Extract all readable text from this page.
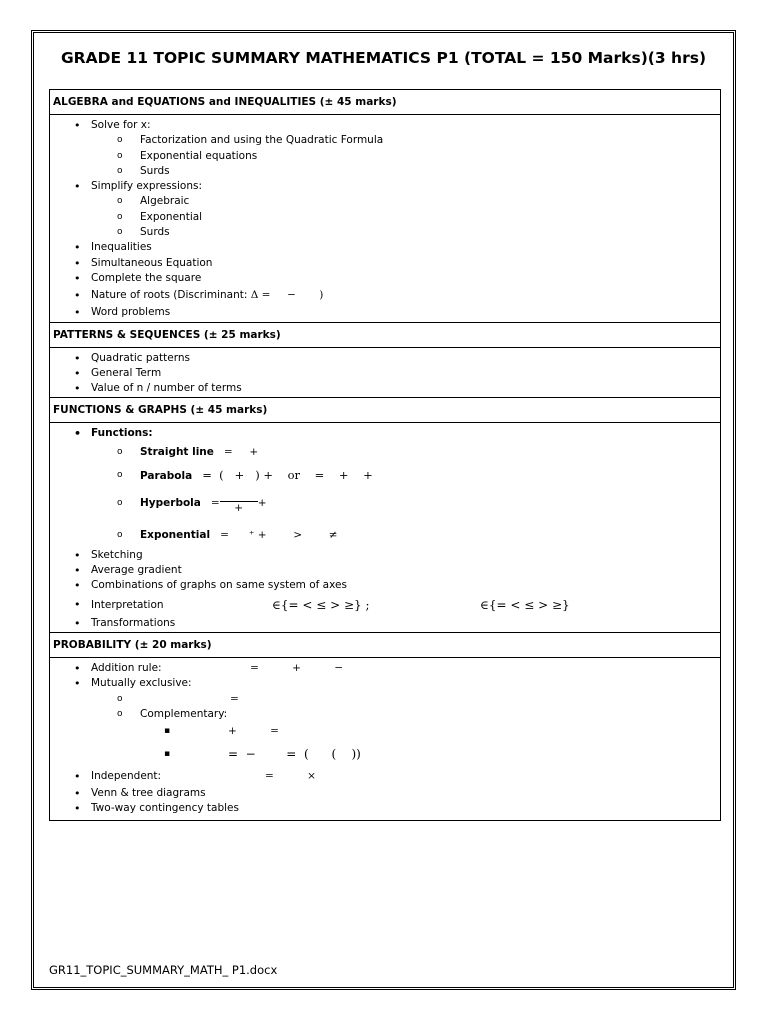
GRADE 11 TOPIC SUMMARY MATHEMATICS P1 (TOTAL = 150 Marks)(3 hrs)
ALGEBRA and EQUATIONS and INEQUALITIES (± 45 marks)

• Solve for x:
o Factorization and using the Quadratic Formula
o Exponential equations
o Surds
• Simplify expressions:
o Algebraic
o Exponential
o Surds
• Inequalities
• Simultaneous Equation
• Complete the square
• Nature of roots (Discriminant: Δ =     −       )
• Word problems

PATTERNS & SEQUENCES (± 25 marks)

• Quadratic patterns
• General Term
• Value of n / number of terms

FUNCTIONS & GRAPHS (± 45 marks)

• Functions:
o Straight line =     +
o Parabola =  (   +   ) +    or    =    +    +
o Hyperbola =	+	+
o Exponential =      ⁺ +        >        ≠
• Sketching
• Average gradient
• Combinations of graphs on same system of axes
• Interpretation	∈{= < ≤ > ≥} ;	∈{= < ≤ > ≥}
• Transformations

PROBABILITY (± 20 marks)

• Addition rule:	=          +          −
• Mutually exclusive:
o =

o Complementary:
▪ +          =

▪ =  −        =  (      (    ))

• Independent:	=          ×
• Venn & tree diagrams
• Two-way contingency tables
GR11_TOPIC_SUMMARY_MATH_ P1.docx
